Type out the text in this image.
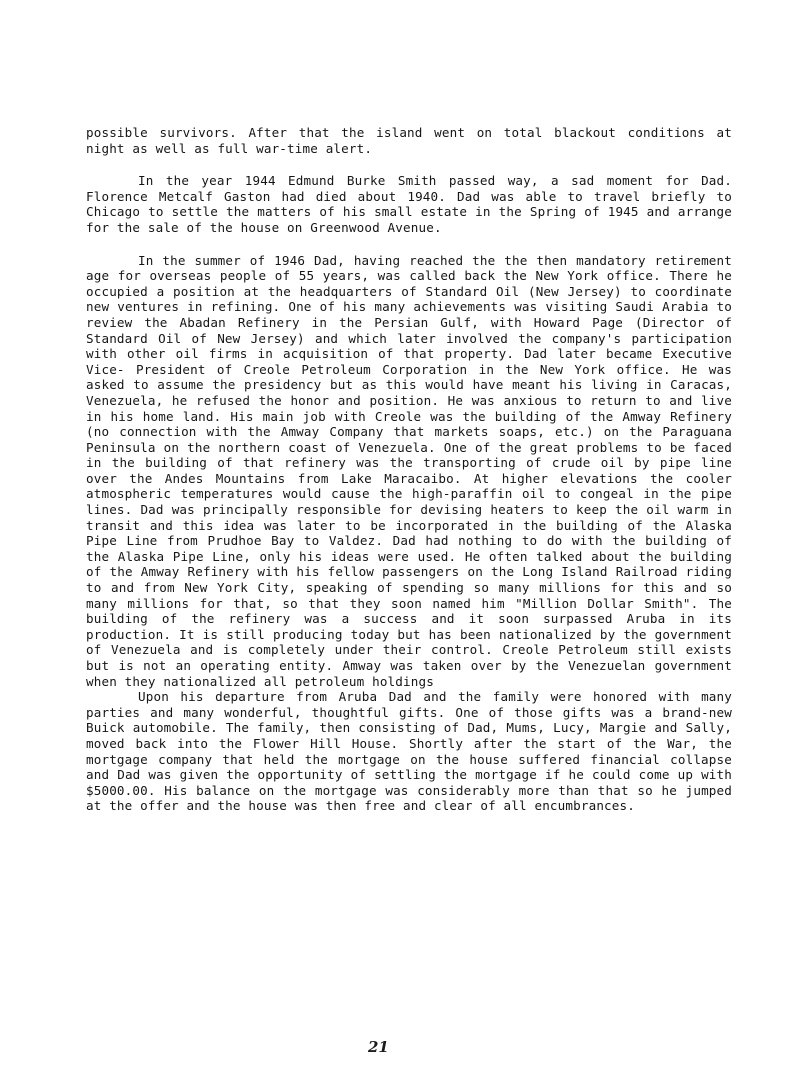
possible survivors. After that the island went on total blackout conditions at night as well as full war-time alert.

In the year 1944 Edmund Burke Smith passed way, a sad moment for Dad. Florence Metcalf Gaston had died about 1940. Dad was able to travel briefly to Chicago to settle the matters of his small estate in the Spring of 1945 and arrange for the sale of the house on Greenwood Avenue.

In the summer of 1946 Dad, having reached the the then mandatory retirement age for overseas people of 55 years, was called back the New York office. There he occupied a position at the headquarters of Standard Oil (New Jersey) to coordinate new ventures in refining. One of his many achievements was visiting Saudi Arabia to review the Abadan Refinery in the Persian Gulf, with Howard Page (Director of Standard Oil of New Jersey) and which later involved the company's participation with other oil firms in acquisition of that property. Dad later became Executive Vice- President of Creole Petroleum Corporation in the New York office. He was asked to assume the presidency but as this would have meant his living in Caracas, Venezuela, he refused the honor and position. He was anxious to return to and live in his home land. His main job with Creole was the building of the Amway Refinery (no connection with the Amway Company that markets soaps, etc.) on the Paraguana Peninsula on the northern coast of Venezuela. One of the great problems to be faced in the building of that refinery was the transporting of crude oil by pipe line over the Andes Mountains from Lake Maracaibo. At higher elevations the cooler atmospheric temperatures would cause the high-paraffin oil to congeal in the pipe lines. Dad was principally responsible for devising heaters to keep the oil warm in transit and this idea was later to be incorporated in the building of the Alaska Pipe Line from Prudhoe Bay to Valdez. Dad had nothing to do with the building of the Alaska Pipe Line, only his ideas were used. He often talked about the building of the Amway Refinery with his fellow passengers on the Long Island Railroad riding to and from New York City, speaking of spending so many millions for this and so many millions for that, so that they soon named him "Million Dollar Smith". The building of the refinery was a success and it soon surpassed Aruba in its production. It is still producing today but has been nationalized by the government of Venezuela and is completely under their control. Creole Petroleum still exists but is not an operating entity. Amway was taken over by the Venezuelan government when they nationalized all petroleum holdings

Upon his departure from Aruba Dad and the family were honored with many parties and many wonderful, thoughtful gifts. One of those gifts was a brand-new Buick automobile. The family, then consisting of Dad, Mums, Lucy, Margie and Sally, moved back into the Flower Hill House. Shortly after the start of the War, the mortgage company that held the mortgage on the house suffered financial collapse and Dad was given the opportunity of settling the mortgage if he could come up with $5000.00. His balance on the mortgage was considerably more than that so he jumped at the offer and the house was then free and clear of all encumbrances.

21
